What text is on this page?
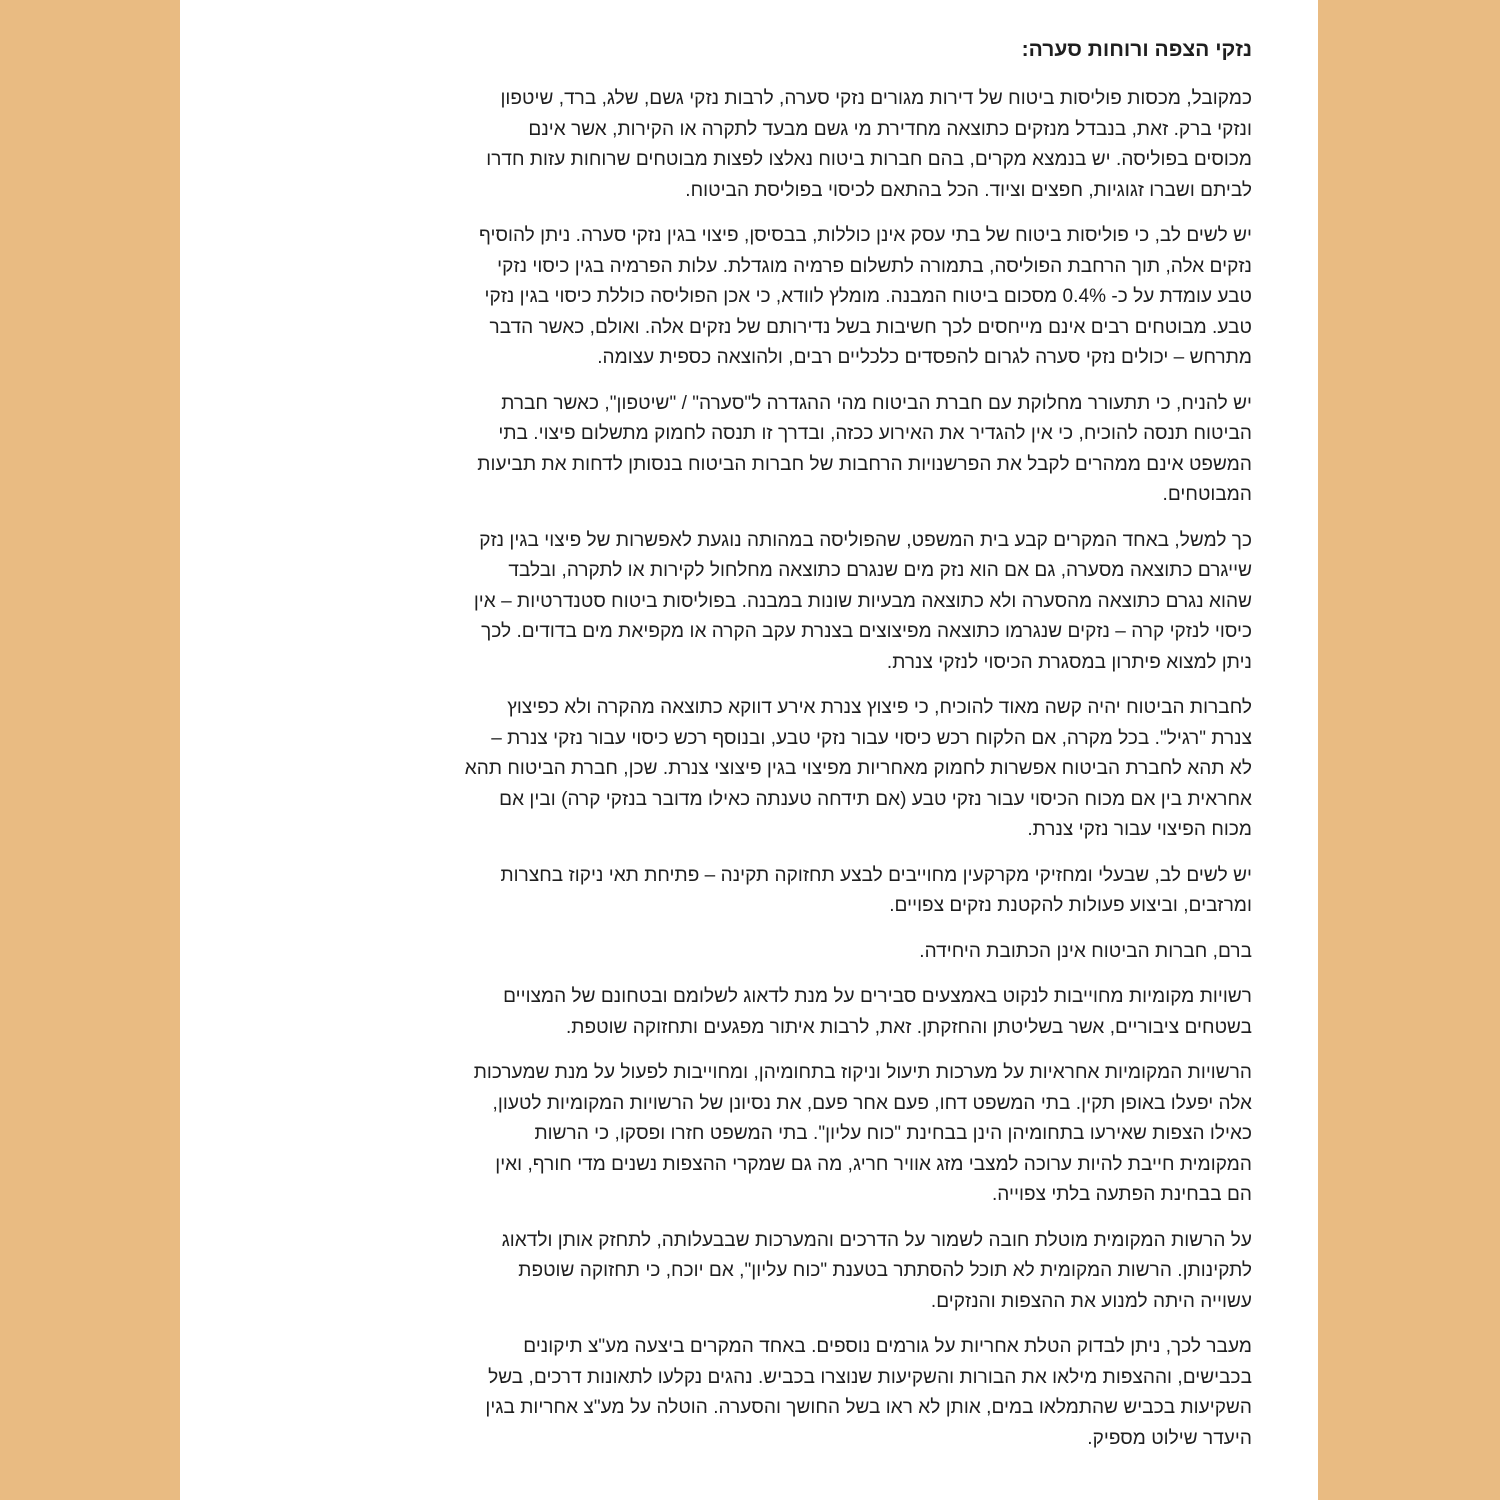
נזקי הצפה ורוחות סערה:

כמקובל, מכסות פוליסות ביטוח של דירות מגורים נזקי סערה, לרבות נזקי גשם, שלג, ברד, שיטפון
ונזקי ברק. זאת, בנבדל מנזקים כתוצאה מחדירת מי גשם מבעד לתקרה או הקירות, אשר אינם
מכוסים בפוליסה. יש בנמצא מקרים, בהם חברות ביטוח נאלצו לפצות מבוטחים שרוחות עזות חדרו
לביתם ושברו זגוגיות, חפצים וציוד. הכל בהתאם לכיסוי בפוליסת הביטוח.

יש לשים לב, כי פוליסות ביטוח של בתי עסק אינן כוללות, בבסיסן, פיצוי בגין נזקי סערה. ניתן להוסיף
נזקים אלה, תוך הרחבת הפוליסה, בתמורה לתשלום פרמיה מוגדלת. עלות הפרמיה בגין כיסוי נזקי
טבע עומדת על כ- 0.4% מסכום ביטוח המבנה. מומלץ לוודא, כי אכן הפוליסה כוללת כיסוי בגין נזקי
טבע. מבוטחים רבים אינם מייחסים לכך חשיבות בשל נדירותם של נזקים אלה. ואולם, כאשר הדבר
מתרחש – יכולים נזקי סערה לגרום להפסדים כלכליים רבים, ולהוצאה כספית עצומה.

יש להניח, כי תתעורר מחלוקת עם חברת הביטוח מהי ההגדרה ל"סערה" / "שיטפון", כאשר חברת
הביטוח תנסה להוכיח, כי אין להגדיר את האירוע ככזה, ובדרך זו תנסה לחמוק מתשלום פיצוי. בתי
המשפט אינם ממהרים לקבל את הפרשנויות הרחבות של חברות הביטוח בנסותן לדחות את תביעות
המבוטחים.

כך למשל, באחד המקרים קבע בית המשפט, שהפוליסה במהותה נוגעת לאפשרות של פיצוי בגין נזק
שייגרם כתוצאה מסערה, גם אם הוא נזק מים שנגרם כתוצאה מחלחול לקירות או לתקרה, ובלבד
שהוא נגרם כתוצאה מהסערה ולא כתוצאה מבעיות שונות במבנה. בפוליסות ביטוח סטנדרטיות – אין
כיסוי לנזקי קרה – נזקים שנגרמו כתוצאה מפיצוצים בצנרת עקב הקרה או מקפיאת מים בדודים. לכך
ניתן למצוא פיתרון במסגרת הכיסוי לנזקי צנרת.

לחברות הביטוח יהיה קשה מאוד להוכיח, כי פיצוץ צנרת אירע דווקא כתוצאה מהקרה ולא כפיצוץ
צנרת "רגיל". בכל מקרה, אם הלקוח רכש כיסוי עבור נזקי טבע, ובנוסף רכש כיסוי עבור נזקי צנרת –
לא תהא לחברת הביטוח אפשרות לחמוק מאחריות מפיצוי בגין פיצוצי צנרת. שכן, חברת הביטוח תהא
אחראית בין אם מכוח הכיסוי עבור נזקי טבע (אם תידחה טענתה כאילו מדובר בנזקי קרה) ובין אם
מכוח הפיצוי עבור נזקי צנרת.

יש לשים לב, שבעלי ומחזיקי מקרקעין מחוייבים לבצע תחזוקה תקינה – פתיחת תאי ניקוז בחצרות
ומרזבים, וביצוע פעולות להקטנת נזקים צפויים.

ברם, חברות הביטוח אינן הכתובת היחידה.

רשויות מקומיות מחוייבות לנקוט באמצעים סבירים על מנת לדאוג לשלומם ובטחונם של המצויים
בשטחים ציבוריים, אשר בשליטתן והחזקתן. זאת, לרבות איתור מפגעים ותחזוקה שוטפת.

הרשויות המקומיות אחראיות על מערכות תיעול וניקוז בתחומיהן, ומחוייבות לפעול על מנת שמערכות
אלה יפעלו באופן תקין. בתי המשפט דחו, פעם אחר פעם, את נסיונן של הרשויות המקומיות לטעון,
כאילו הצפות שאירעו בתחומיהן הינן בבחינת "כוח עליון". בתי המשפט חזרו ופסקו, כי הרשות
המקומית חייבת להיות ערוכה למצבי מזג אוויר חריג, מה גם שמקרי ההצפות נשנים מדי חורף, ואין
הם בבחינת הפתעה בלתי צפוייה.

על הרשות המקומית מוטלת חובה לשמור על הדרכים והמערכות שבבעלותה, לתחזק אותן ולדאוג
לתקינותן. הרשות המקומית לא תוכל להסתתר בטענת "כוח עליון", אם יוכח, כי תחזוקה שוטפת
עשוייה היתה למנוע את ההצפות והנזקים.

מעבר לכך, ניתן לבדוק הטלת אחריות על גורמים נוספים. באחד המקרים ביצעה מע"צ תיקונים
בכבישים, וההצפות מילאו את הבורות והשקיעות שנוצרו בכביש. נהגים נקלעו לתאונות דרכים, בשל
השקיעות בכביש שהתמלאו במים, אותן לא ראו בשל החושך והסערה. הוטלה על מע"צ אחריות בגין
היעדר שילוט מספיק.
